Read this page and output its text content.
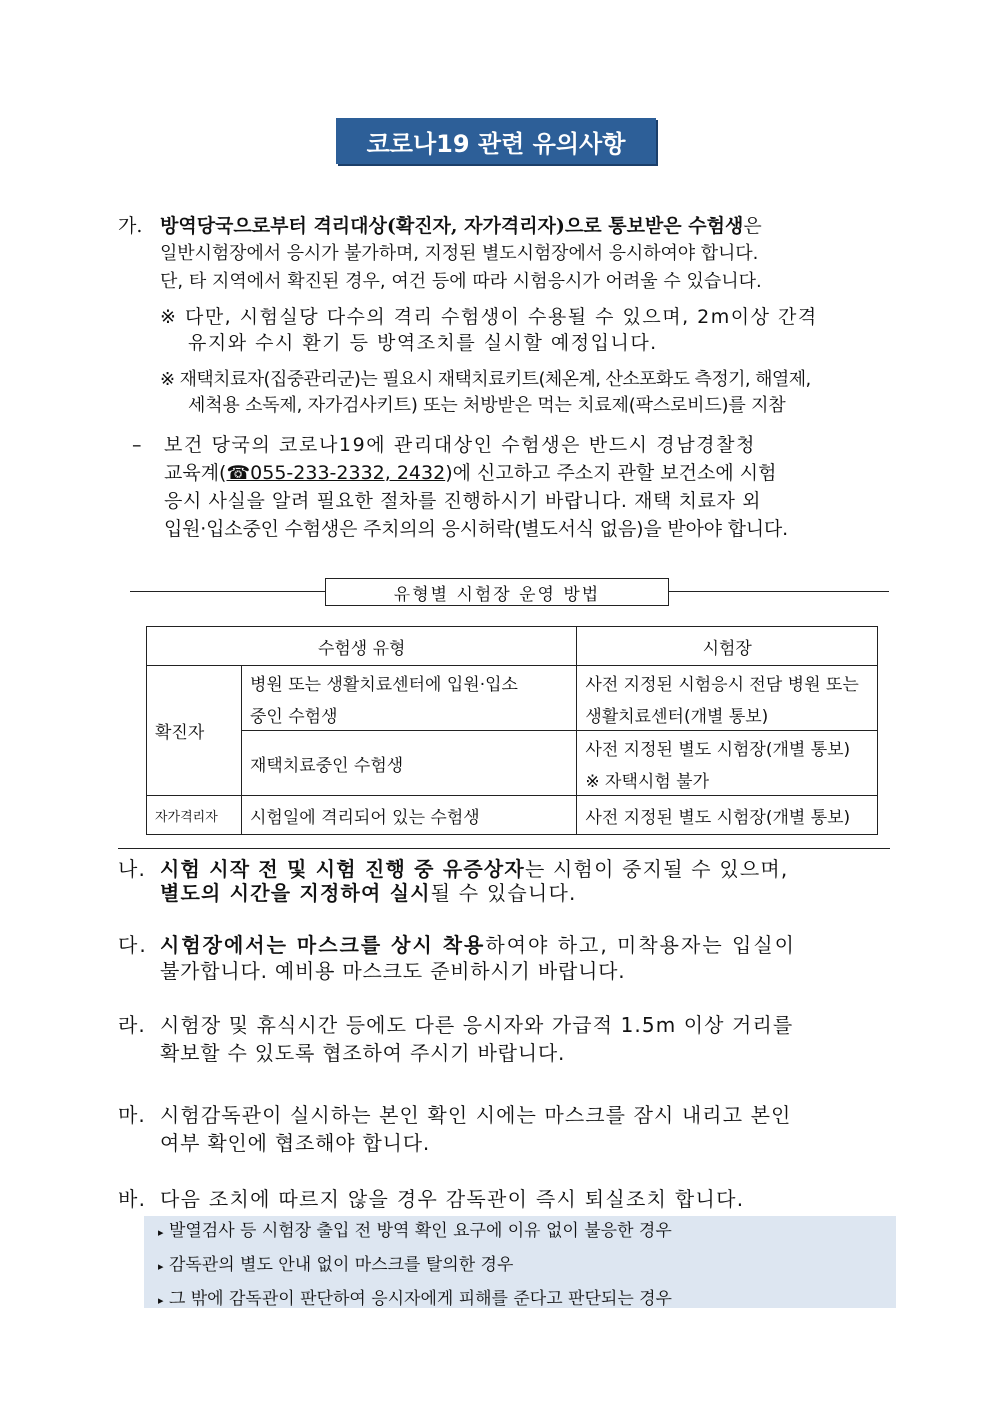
코로나19 관련 유의사항
가. 방역당국으로부터 격리대상(확진자, 자가격리자)으로 통보받은 수험생은
일반시험장에서 응시가 불가하며, 지정된 별도시험장에서 응시하여야 합니다.
단, 타 지역에서 확진된 경우, 여건 등에 따라 시험응시가 어려울 수 있습니다.
※ 다만, 시험실당 다수의 격리 수험생이 수용될 수 있으며, 2m이상 간격
유지와 수시 환기 등 방역조치를 실시할 예정입니다.
※ 재택치료자(집중관리군)는 필요시 재택치료키트(체온계, 산소포화도 측정기, 해열제,
세척용 소독제, 자가검사키트) 또는 처방받은 먹는 치료제(팍스로비드)를 지참
– 보건 당국의 코로나19에 관리대상인 수험생은 반드시 경남경찰청
교육계(☎055-233-2332, 2432)에 신고하고 주소지 관할 보건소에 시험
응시 사실을 알려 필요한 절차를 진행하시기 바랍니다. 재택 치료자 외
입원·입소중인 수험생은 주치의의 응시허락(별도서식 없음)을 받아야 합니다.
유형별 시험장 운영 방법
수험생 유형		시험장
확진자	병원 또는 생활치료센터에 입원·입소	사전 지정된 시험응시 전담 병원 또는
	중인 수험생	생활치료센터(개별 통보)
	재택치료중인 수험생	사전 지정된 별도 시험장(개별 통보)
		※ 자택시험 불가
자가격리자	시험일에 격리되어 있는 수험생	사전 지정된 별도 시험장(개별 통보)
나. 시험 시작 전 및 시험 진행 중 유증상자는 시험이 중지될 수 있으며,
별도의 시간을 지정하여 실시될 수 있습니다.
다. 시험장에서는 마스크를 상시 착용하여야 하고, 미착용자는 입실이
불가합니다. 예비용 마스크도 준비하시기 바랍니다.
라. 시험장 및 휴식시간 등에도 다른 응시자와 가급적 1.5m 이상 거리를
확보할 수 있도록 협조하여 주시기 바랍니다.
마. 시험감독관이 실시하는 본인 확인 시에는 마스크를 잠시 내리고 본인
여부 확인에 협조해야 합니다.
바. 다음 조치에 따르지 않을 경우 감독관이 즉시 퇴실조치 합니다.
▸ 발열검사 등 시험장 출입 전 방역 확인 요구에 이유 없이 불응한 경우
▸ 감독관의 별도 안내 없이 마스크를 탈의한 경우
▸ 그 밖에 감독관이 판단하여 응시자에게 피해를 준다고 판단되는 경우
